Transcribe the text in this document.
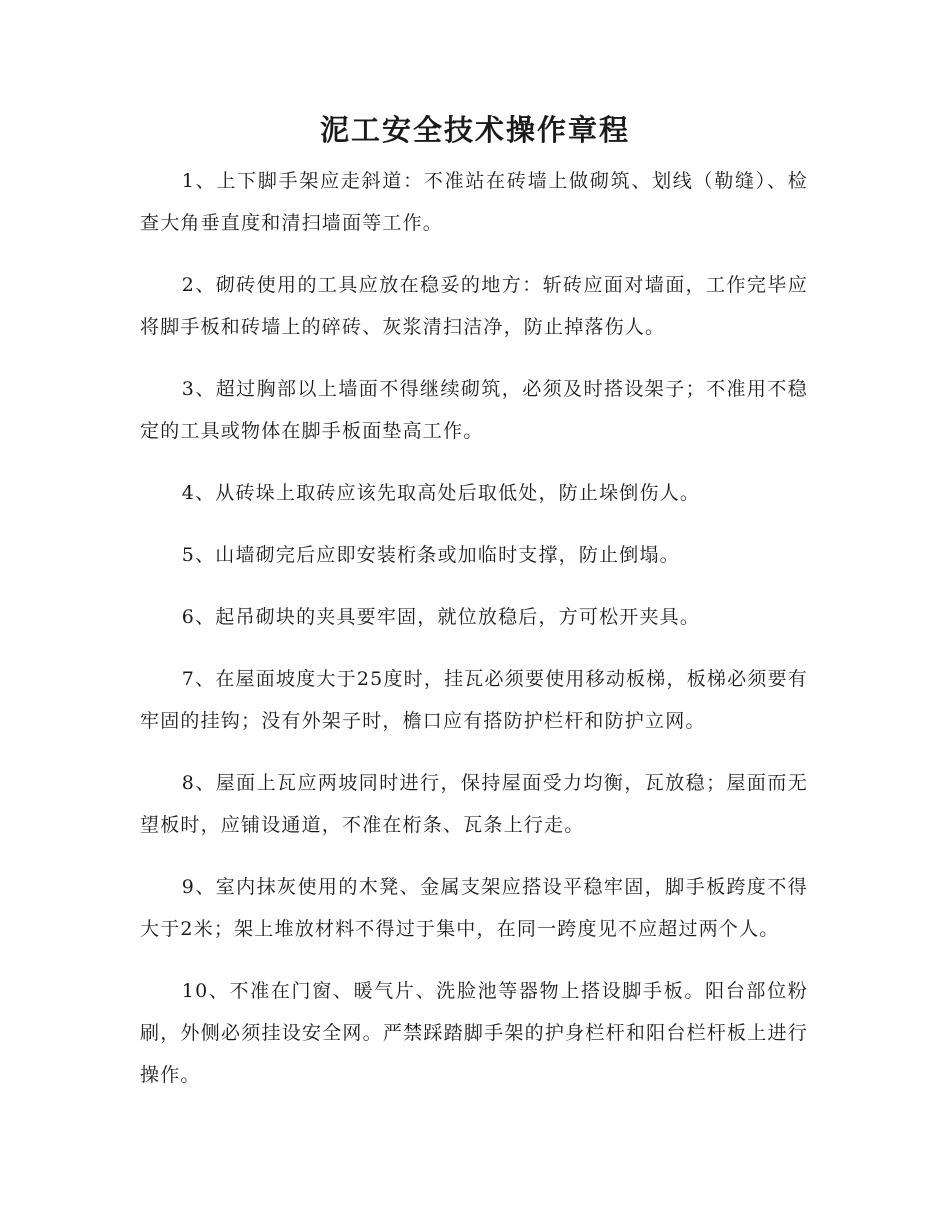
泥工安全技术操作章程

1、上下脚手架应走斜道：不准站在砖墙上做砌筑、划线（勒缝）、检查大角垂直度和清扫墙面等工作。

2、砌砖使用的工具应放在稳妥的地方：斩砖应面对墙面，工作完毕应将脚手板和砖墙上的碎砖、灰浆清扫洁净，防止掉落伤人。

3、超过胸部以上墙面不得继续砌筑，必须及时搭设架子；不准用不稳定的工具或物体在脚手板面垫高工作。

4、从砖垛上取砖应该先取高处后取低处，防止垛倒伤人。

5、山墙砌完后应即安装桁条或加临时支撑，防止倒塌。

6、起吊砌块的夹具要牢固，就位放稳后，方可松开夹具。

7、在屋面坡度大于25度时，挂瓦必须要使用移动板梯，板梯必须要有牢固的挂钩；没有外架子时，檐口应有搭防护栏杆和防护立网。

8、屋面上瓦应两坡同时进行，保持屋面受力均衡，瓦放稳；屋面而无望板时，应铺设通道，不准在桁条、瓦条上行走。

9、室内抹灰使用的木凳、金属支架应搭设平稳牢固，脚手板跨度不得大于2米；架上堆放材料不得过于集中，在同一跨度见不应超过两个人。

10、不准在门窗、暖气片、洗脸池等器物上搭设脚手板。阳台部位粉刷，外侧必须挂设安全网。严禁踩踏脚手架的护身栏杆和阳台栏杆板上进行操作。
